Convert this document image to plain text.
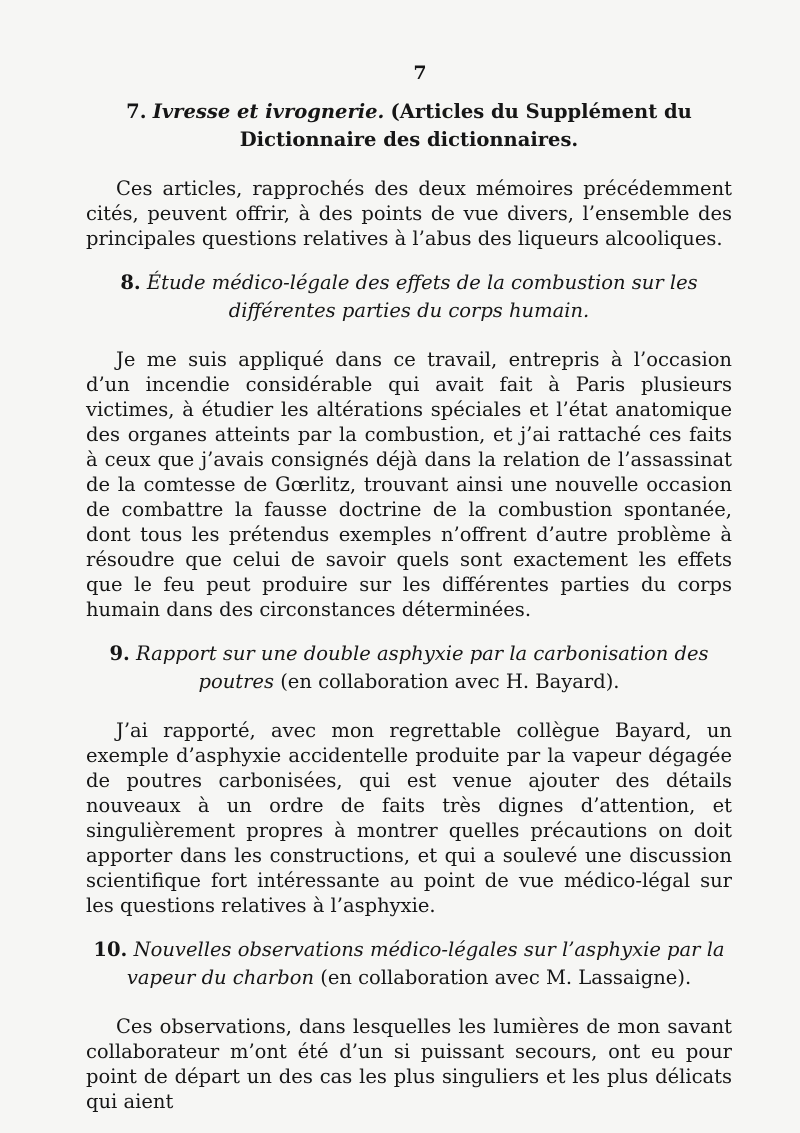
7

7. Ivresse et ivrognerie. (Articles du Supplément du Dictionnaire des dictionnaires.

Ces articles, rapprochés des deux mémoires précédemment cités, peuvent offrir, à des points de vue divers, l’ensemble des principales questions relatives à l’abus des liqueurs alcooliques.

8. Étude médico-légale des effets de la combustion sur les différentes parties du corps humain.

Je me suis appliqué dans ce travail, entrepris à l’occasion d’un incendie considérable qui avait fait à Paris plusieurs victimes, à étudier les altérations spéciales et l’état anatomique des organes atteints par la combustion, et j’ai rattaché ces faits à ceux que j’avais consignés déjà dans la relation de l’assassinat de la comtesse de Gœrlitz, trouvant ainsi une nouvelle occasion de combattre la fausse doctrine de la combustion spontanée, dont tous les prétendus exemples n’offrent d’autre problème à résoudre que celui de savoir quels sont exactement les effets que le feu peut produire sur les différentes parties du corps humain dans des circonstances déterminées.

9. Rapport sur une double asphyxie par la carbonisation des poutres (en collaboration avec H. Bayard).

J’ai rapporté, avec mon regrettable collègue Bayard, un exemple d’asphyxie accidentelle produite par la vapeur dégagée de poutres carbonisées, qui est venue ajouter des détails nouveaux à un ordre de faits très dignes d’attention, et singulièrement propres à montrer quelles précautions on doit apporter dans les constructions, et qui a soulevé une discussion scientifique fort intéressante au point de vue médico-légal sur les questions relatives à l’asphyxie.

10. Nouvelles observations médico-légales sur l’asphyxie par la vapeur du charbon (en collaboration avec M. Lassaigne).

Ces observations, dans lesquelles les lumières de mon savant collaborateur m’ont été d’un si puissant secours, ont eu pour point de départ un des cas les plus singuliers et les plus délicats qui aient
